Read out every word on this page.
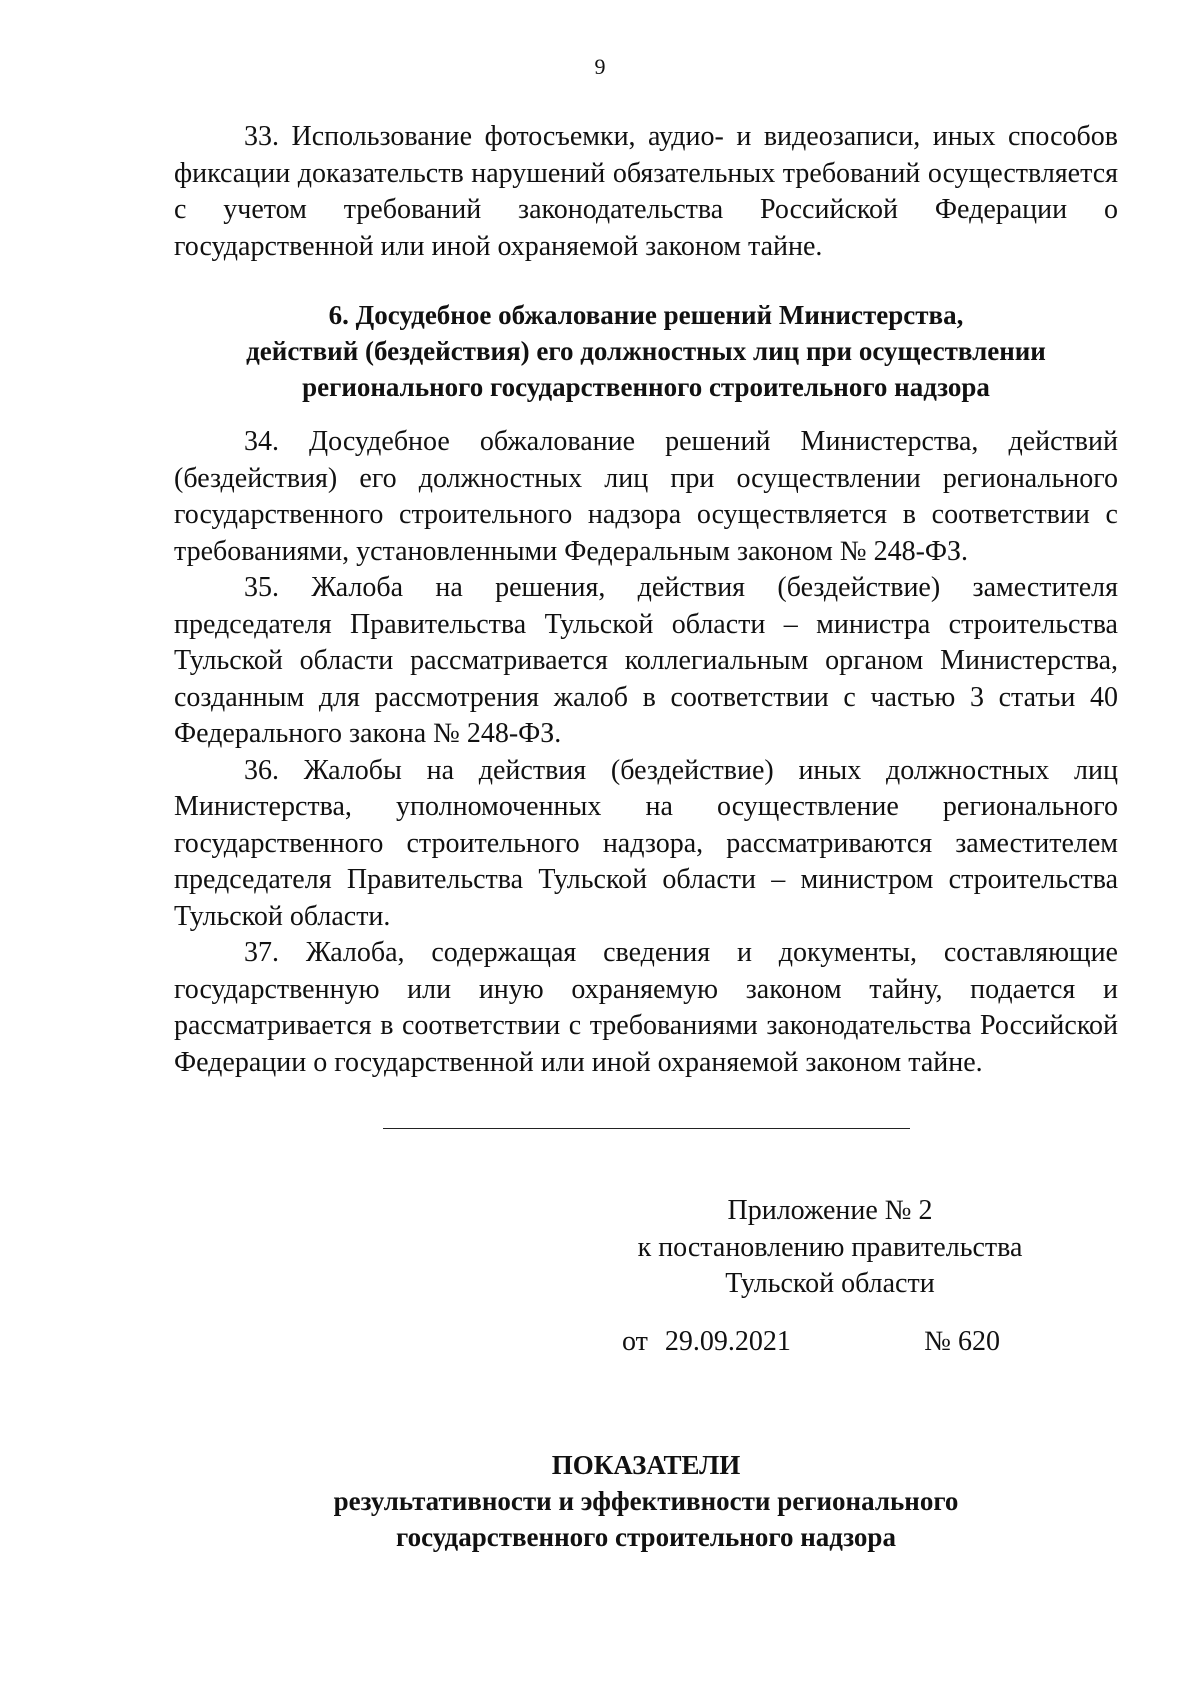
9

33. Использование фотосъемки, аудио- и видеозаписи, иных способов фиксации доказательств нарушений обязательных требований осуществляется с учетом требований законодательства Российской Федерации о государственной или иной охраняемой законом тайне.

6. Досудебное обжалование решений Министерства,
действий (бездействия) его должностных лиц при осуществлении
регионального государственного строительного надзора

34. Досудебное обжалование решений Министерства, действий (бездействия) его должностных лиц при осуществлении регионального государственного строительного надзора осуществляется в соответствии с требованиями, установленными Федеральным законом № 248-ФЗ.

35. Жалоба на решения, действия (бездействие) заместителя председателя Правительства Тульской области – министра строительства Тульской области рассматривается коллегиальным органом Министерства, созданным для рассмотрения жалоб в соответствии с частью 3 статьи 40 Федерального закона № 248-ФЗ.

36. Жалобы на действия (бездействие) иных должностных лиц Министерства, уполномоченных на осуществление регионального государственного строительного надзора, рассматриваются заместителем председателя Правительства Тульской области – министром строительства Тульской области.

37. Жалоба, содержащая сведения и документы, составляющие государственную или иную охраняемую законом тайну, подается и рассматривается в соответствии с требованиями законодательства Российской Федерации о государственной или иной охраняемой законом тайне.

Приложение № 2
к постановлению правительства
Тульской области
от 29.09.2021	№ 620
ПОКАЗАТЕЛИ
результативности и эффективности регионального
государственного строительного надзора
